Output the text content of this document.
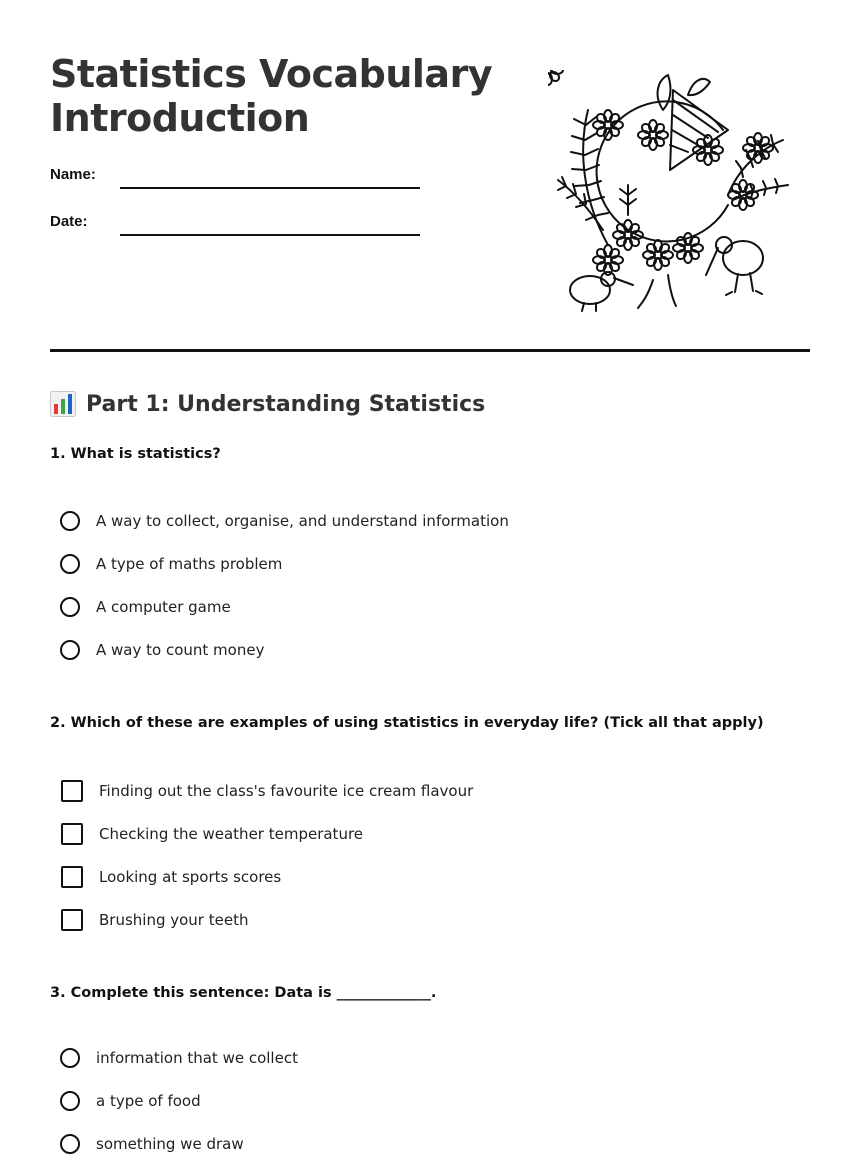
Statistics Vocabulary
Introduction
Name:
Date:
Part 1: Understanding Statistics

1. What is statistics?

A way to collect, organise, and understand information
A type of maths problem
A computer game
A way to count money

2. Which of these are examples of using statistics in everyday life? (Tick all that apply)

Finding out the class's favourite ice cream flavour
Checking the weather temperature
Looking at sports scores
Brushing your teeth

3. Complete this sentence: Data is _____________.

information that we collect
a type of food
something we draw
